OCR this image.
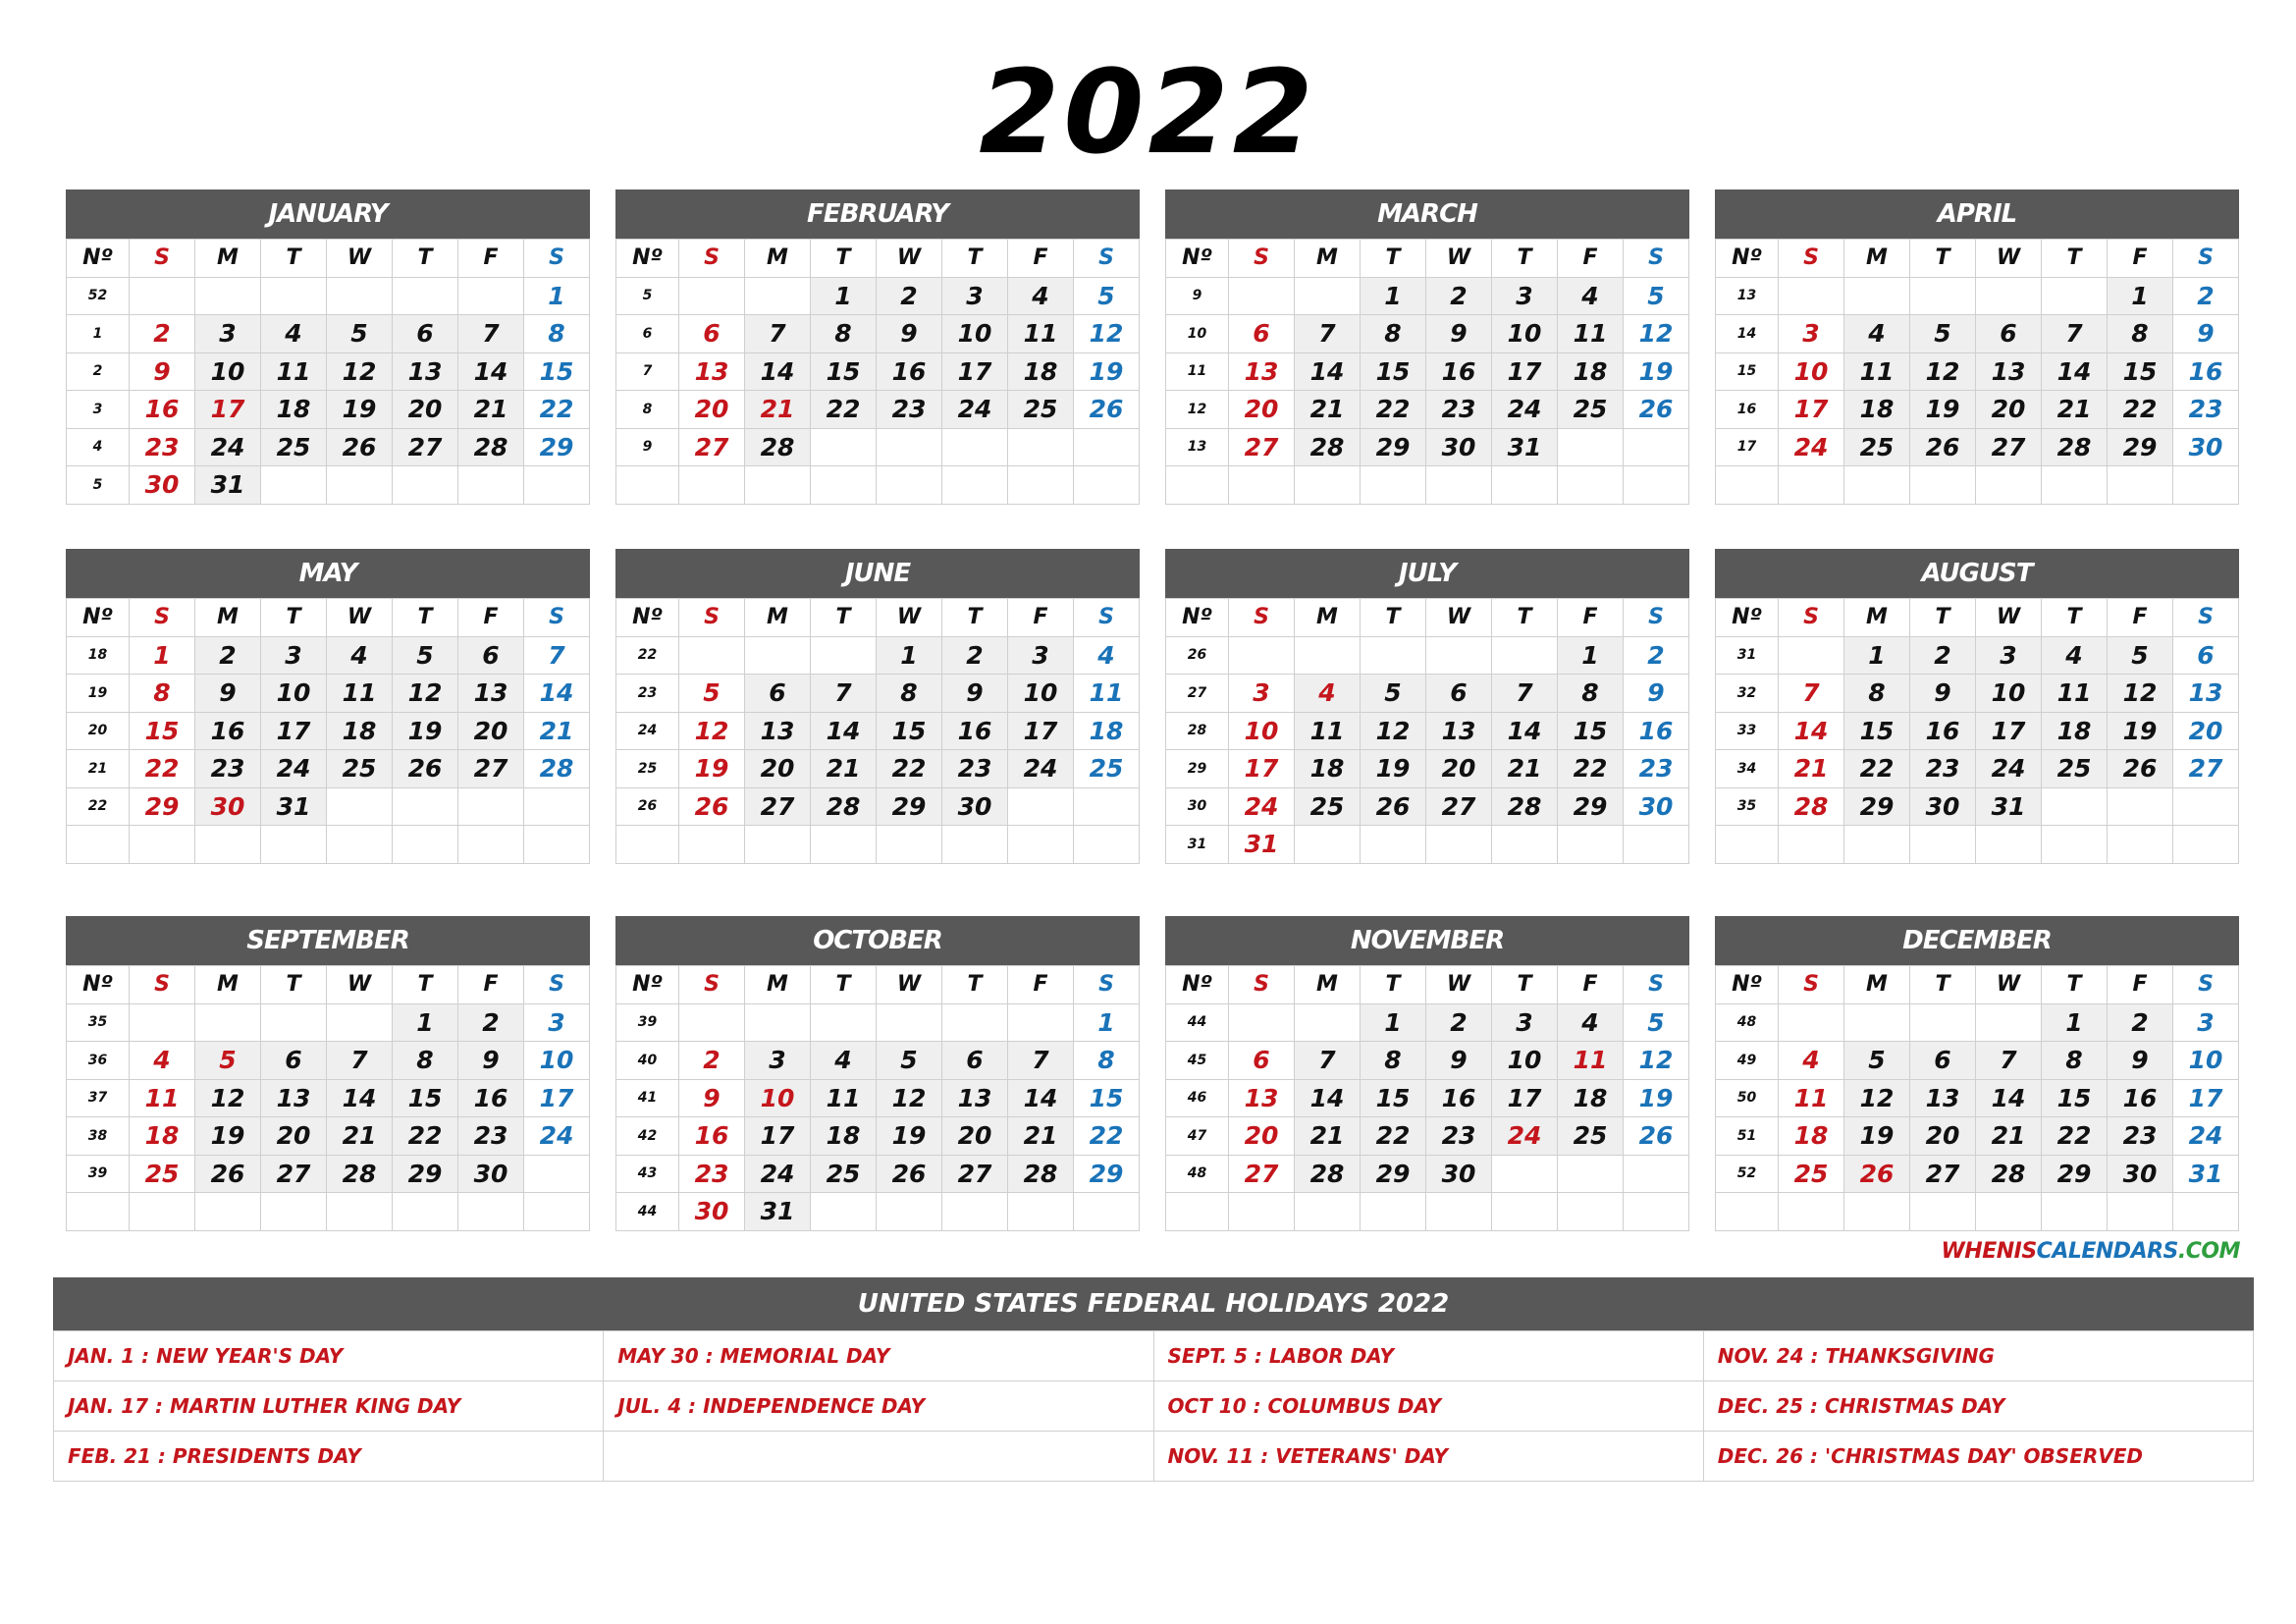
2022
JANUARY
Nº	S	M	T	W	T	F	S
52							1
1	2	3	4	5	6	7	8
2	9	10	11	12	13	14	15
3	16	17	18	19	20	21	22
4	23	24	25	26	27	28	29
5	30	31					
FEBRUARY
Nº	S	M	T	W	T	F	S
5			1	2	3	4	5
6	6	7	8	9	10	11	12
7	13	14	15	16	17	18	19
8	20	21	22	23	24	25	26
9	27	28					

MARCH
Nº	S	M	T	W	T	F	S
9			1	2	3	4	5
10	6	7	8	9	10	11	12
11	13	14	15	16	17	18	19
12	20	21	22	23	24	25	26
13	27	28	29	30	31		

APRIL
Nº	S	M	T	W	T	F	S
13						1	2
14	3	4	5	6	7	8	9
15	10	11	12	13	14	15	16
16	17	18	19	20	21	22	23
17	24	25	26	27	28	29	30

MAY
Nº	S	M	T	W	T	F	S
18	1	2	3	4	5	6	7
19	8	9	10	11	12	13	14
20	15	16	17	18	19	20	21
21	22	23	24	25	26	27	28
22	29	30	31				

JUNE
Nº	S	M	T	W	T	F	S
22				1	2	3	4
23	5	6	7	8	9	10	11
24	12	13	14	15	16	17	18
25	19	20	21	22	23	24	25
26	26	27	28	29	30		

JULY
Nº	S	M	T	W	T	F	S
26						1	2
27	3	4	5	6	7	8	9
28	10	11	12	13	14	15	16
29	17	18	19	20	21	22	23
30	24	25	26	27	28	29	30
31	31						
AUGUST
Nº	S	M	T	W	T	F	S
31		1	2	3	4	5	6
32	7	8	9	10	11	12	13
33	14	15	16	17	18	19	20
34	21	22	23	24	25	26	27
35	28	29	30	31			

SEPTEMBER
Nº	S	M	T	W	T	F	S
35					1	2	3
36	4	5	6	7	8	9	10
37	11	12	13	14	15	16	17
38	18	19	20	21	22	23	24
39	25	26	27	28	29	30	

OCTOBER
Nº	S	M	T	W	T	F	S
39							1
40	2	3	4	5	6	7	8
41	9	10	11	12	13	14	15
42	16	17	18	19	20	21	22
43	23	24	25	26	27	28	29
44	30	31					
NOVEMBER
Nº	S	M	T	W	T	F	S
44			1	2	3	4	5
45	6	7	8	9	10	11	12
46	13	14	15	16	17	18	19
47	20	21	22	23	24	25	26
48	27	28	29	30			

DECEMBER
Nº	S	M	T	W	T	F	S
48					1	2	3
49	4	5	6	7	8	9	10
50	11	12	13	14	15	16	17
51	18	19	20	21	22	23	24
52	25	26	27	28	29	30	31

WHENISCALENDARS.COM
UNITED STATES FEDERAL HOLIDAYS 2022
JAN. 1 : NEW YEAR'S DAY	MAY 30 : MEMORIAL DAY	SEPT. 5 : LABOR DAY	NOV. 24 : THANKSGIVING
JAN. 17 : MARTIN LUTHER KING DAY	JUL. 4 : INDEPENDENCE DAY	OCT 10 : COLUMBUS DAY	DEC. 25 : CHRISTMAS DAY
FEB. 21 : PRESIDENTS DAY		NOV. 11 : VETERANS' DAY	DEC. 26 : 'CHRISTMAS DAY' OBSERVED
